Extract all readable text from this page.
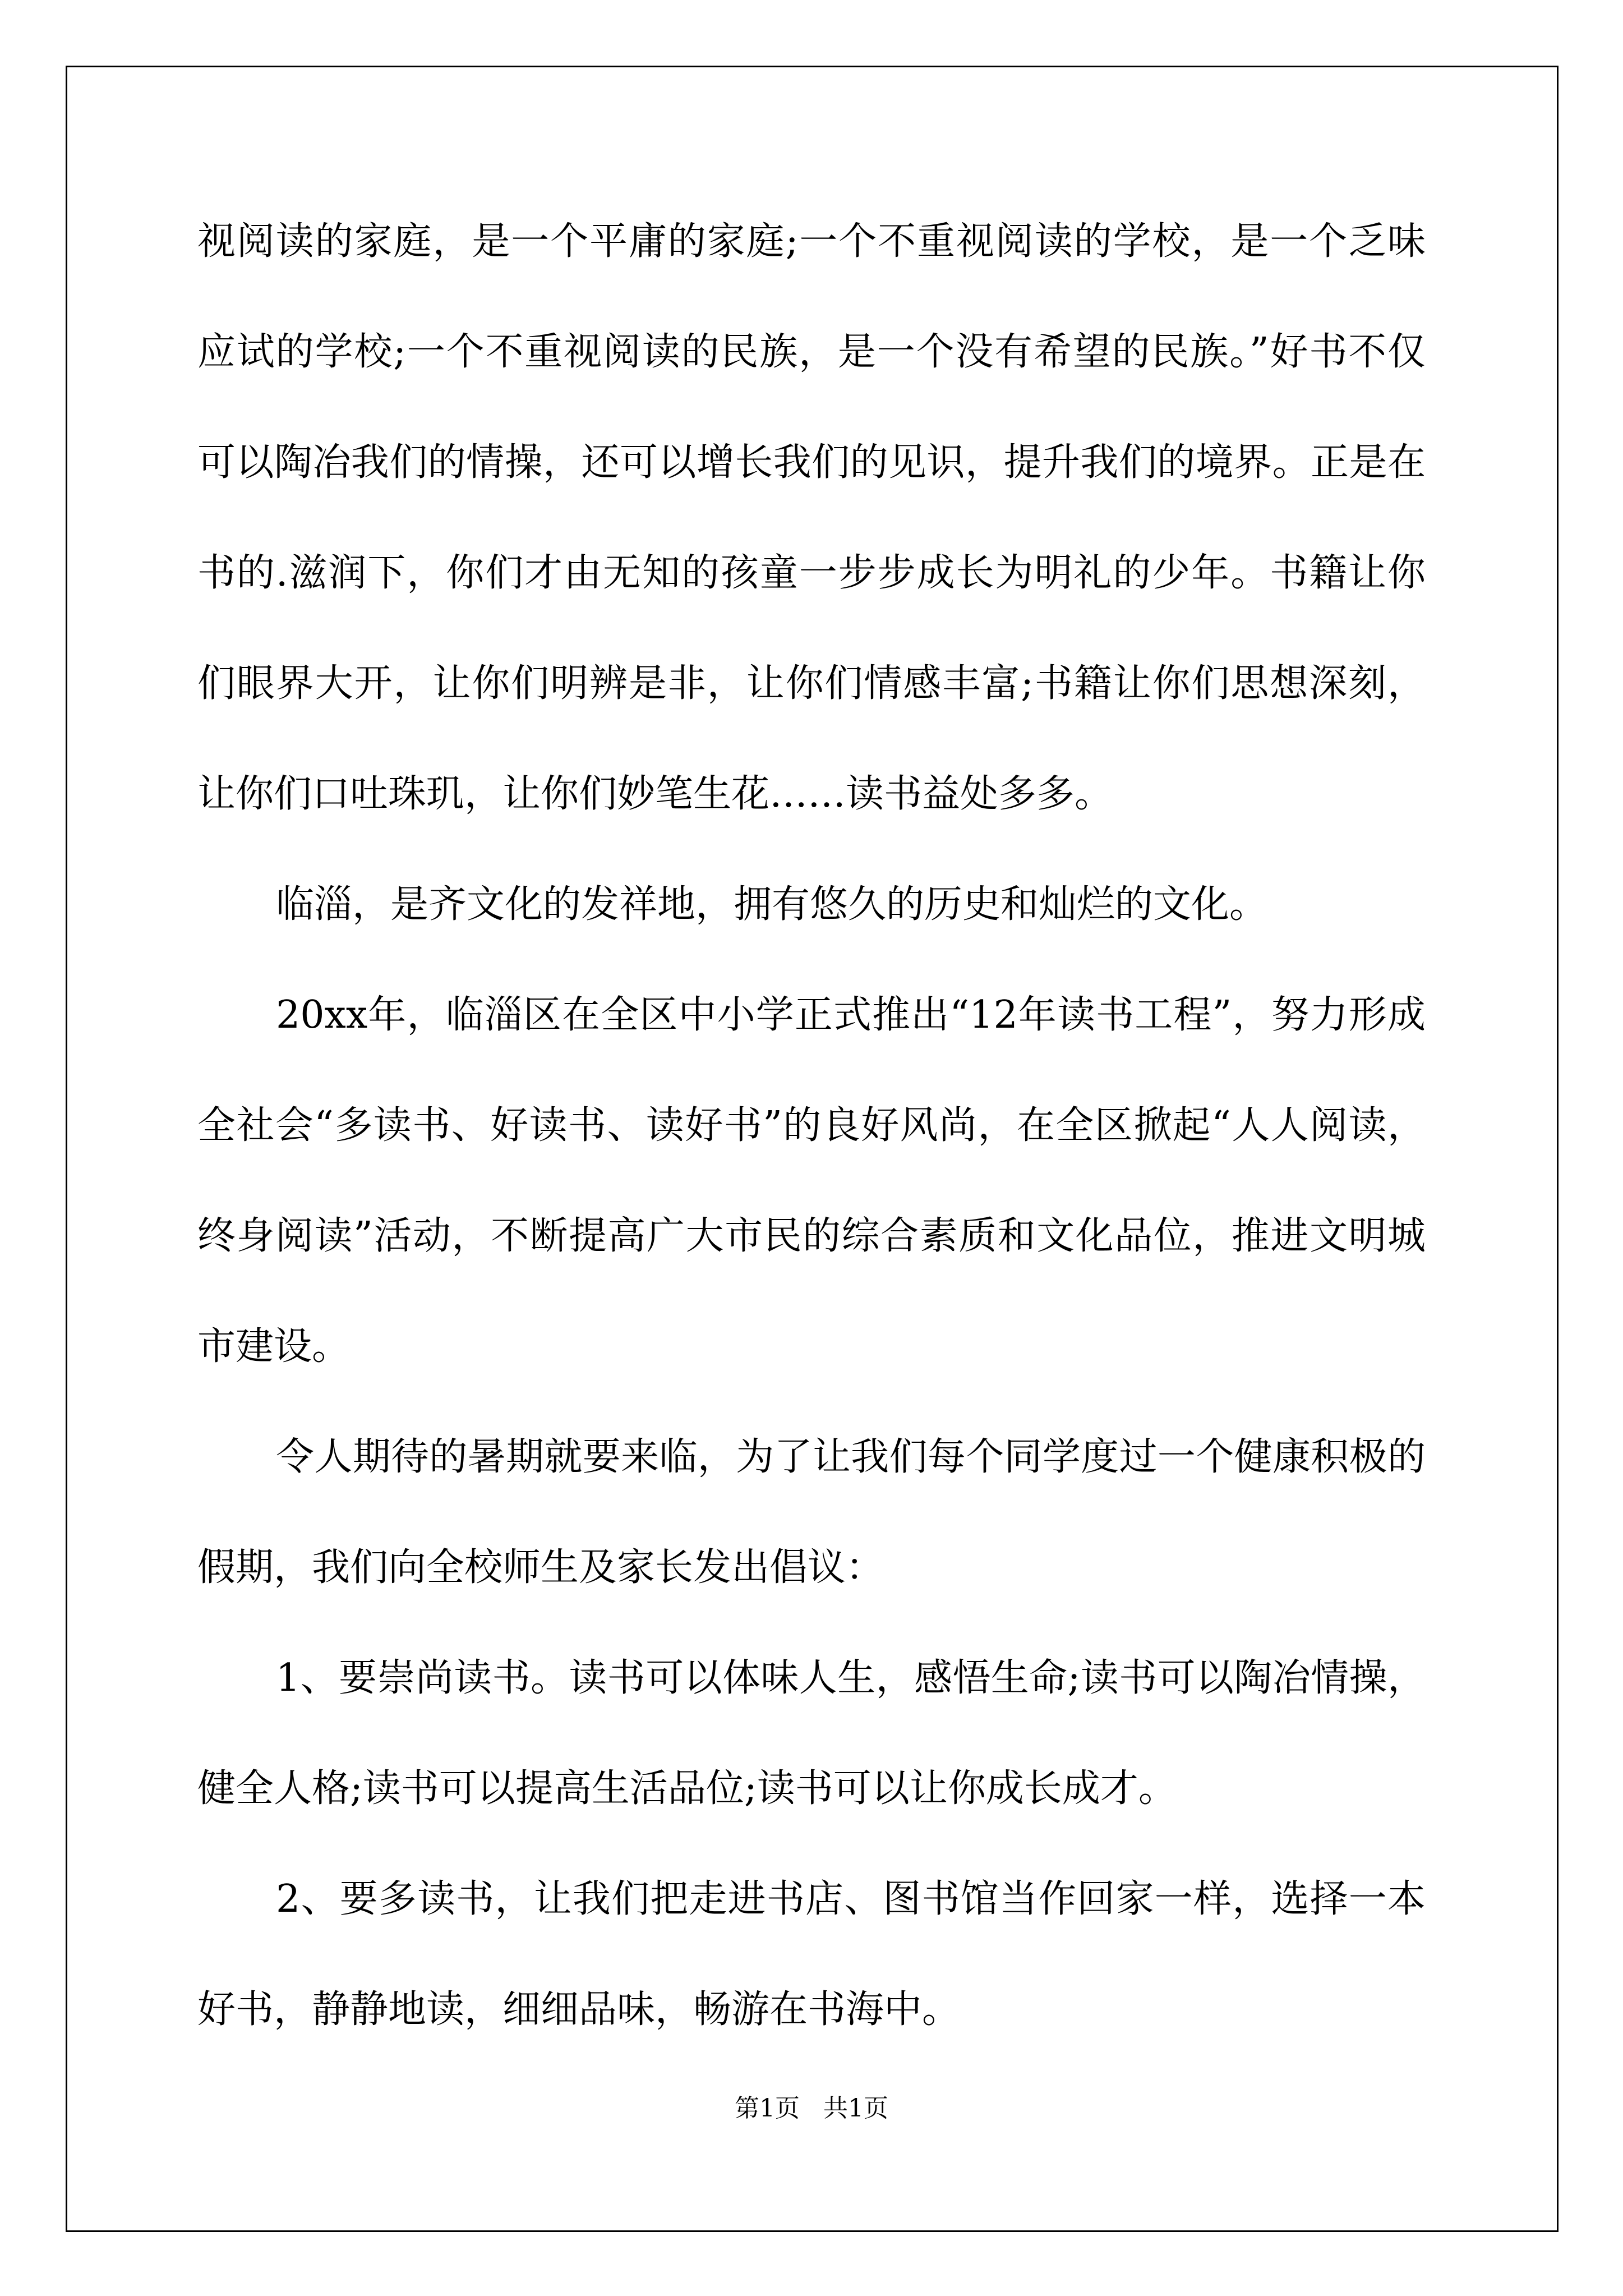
视阅读的家庭，是一个平庸的家庭;一个不重视阅读的学校，是一个乏味应试的学校;一个不重视阅读的民族，是一个没有希望的民族。”好书不仅可以陶冶我们的情操，还可以增长我们的见识，提升我们的境界。正是在书的.滋润下，你们才由无知的孩童一步步成长为明礼的少年。书籍让你们眼界大开，让你们明辨是非，让你们情感丰富;书籍让你们思想深刻，让你们口吐珠玑，让你们妙笔生花……读书益处多多。

临淄，是齐文化的发祥地，拥有悠久的历史和灿烂的文化。

20xx年，临淄区在全区中小学正式推出“12年读书工程”，努力形成全社会“多读书、好读书、读好书”的良好风尚，在全区掀起“人人阅读，终身阅读”活动，不断提高广大市民的综合素质和文化品位，推进文明城市建设。

令人期待的暑期就要来临，为了让我们每个同学度过一个健康积极的假期，我们向全校师生及家长发出倡议：

1、要崇尚读书。读书可以体味人生，感悟生命;读书可以陶冶情操，健全人格;读书可以提高生活品位;读书可以让你成长成才。

2、要多读书，让我们把走进书店、图书馆当作回家一样，选择一本好书，静静地读，细细品味，畅游在书海中。

第1页   共1页
